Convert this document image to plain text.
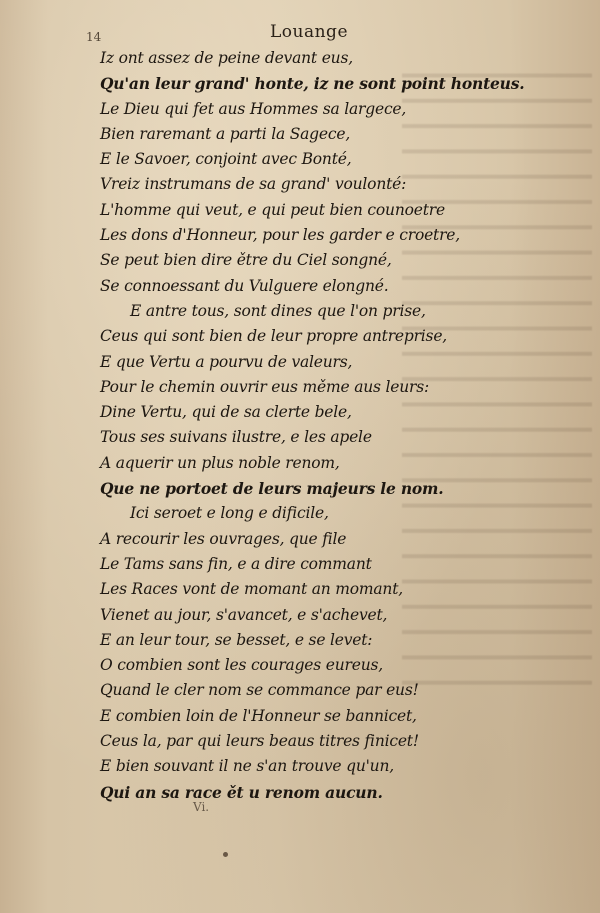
14	Louange
Iz ont assez de peine devant eus,
Qu'an leur grand' honte, iz ne sont point honteus.
Le Dieu qui fet aus Hommes sa largece,
Bien raremant a parti la Sagece,
E le Savoer, conjoint avec Bonté,
Vreiz instrumans de sa grand' voulonté:
L'homme qui veut, e qui peut bien counoetre
Les dons d'Honneur, pour les garder e croetre,
Se peut bien dire ětre du Ciel songné,
Se connoessant du Vulguere elongné.
E antre tous, sont dines que l'on prise,
Ceus qui sont bien de leur propre antreprise,
E que Vertu a pourvu de valeurs,
Pour le chemin ouvrir eus měme aus leurs:
Dine Vertu, qui de sa clerte bele,
Tous ses suivans ilustre, e les apele
A aquerir un plus noble renom,
Que ne portoet de leurs majeurs le nom.
Ici seroet e long e dificile,
A recourir les ouvrages, que file
Le Tams sans fin, e a dire commant
Les Races vont de momant an momant,
Vienet au jour, s'avancet, e s'achevet,
E an leur tour, se besset, e se levet:
O combien sont les courages eureus,
Quand le cler nom se commance par eus!
E combien loin de l'Honneur se bannicet,
Ceus la, par qui leurs beaus titres finicet!
E bien souvant il ne s'an trouve qu'un,
Qui an sa race ět u renom aucun.
Vi.
